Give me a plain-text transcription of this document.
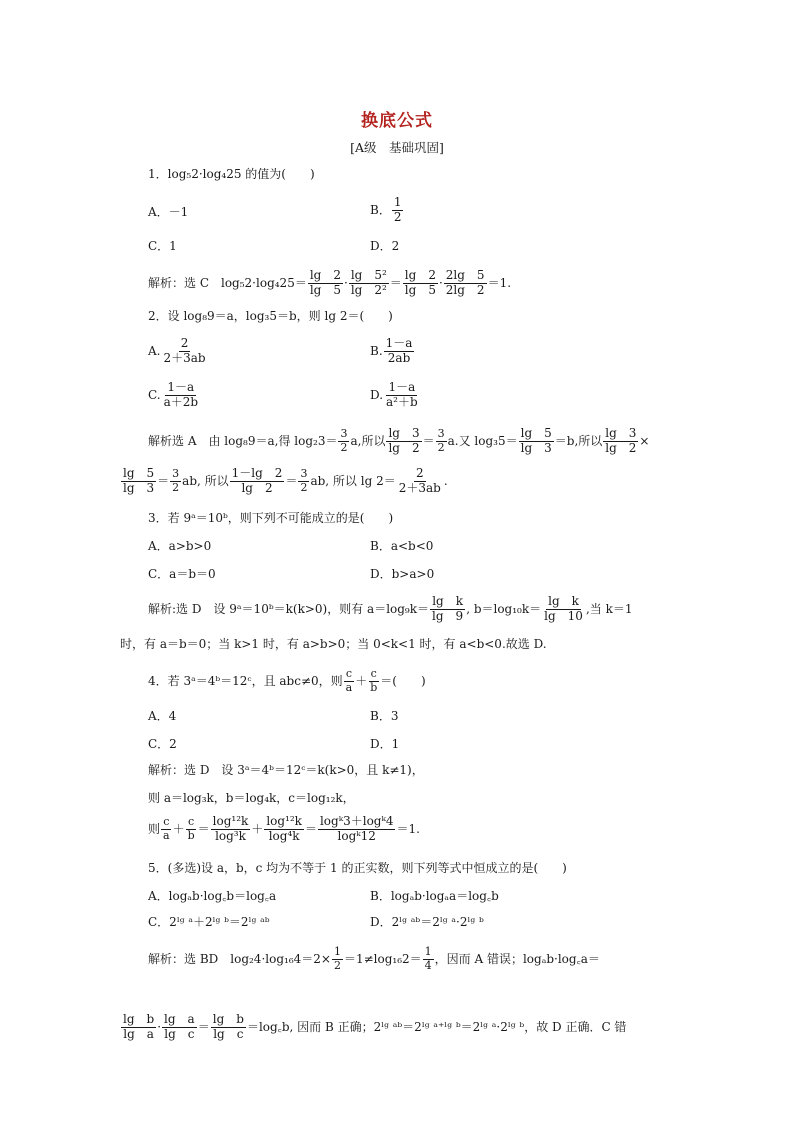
换底公式
[A级　基础巩固]
1．log₅2·log₄25 的值为(　　)
A．－1	B． $\frac{1}{2}$
C．1	D．2
解析：选 C　$\log_52\cdot\log_425= \frac{\lg 2}{\lg 5} \cdot \frac{\text{lg　5²}}{\text{lg　2²}} = \frac{\lg 2}{\lg 5} \cdot \frac{2\lg 5}{2\lg 2} =1$.
2．设 log₈9＝a，log₃5＝b，则 lg 2＝(　　)
A. $\frac{2}{2+3ab}$	B. $\frac{1-a}{2ab}$
C. $\frac{1-a}{a+2b}$	D. $\frac{1-a}{\text{a²＋b}}$
解析选 A　由 log₈9＝a,得 $\log_23= \frac{3}{2} a$,所以 $\frac{\lg 3}{\lg 2} = \frac{3}{2} a$.又 $\log_35= \frac{\lg 5}{\lg 3} =b$,所以 $\frac{\lg 3}{\lg 2}$ ×
$\frac{\lg 5}{\lg 3} = \frac{3}{2}$ ab, 所以 $\frac{1-\lg 2}{\lg 2} = \frac{3}{2}$ ab, 所以 $\lg 2= \frac{2}{2+3ab}$ .
3．若 9ᵃ＝10ᵇ，则下列不可能成立的是(　　)
A．a>b>0	B．a<b<0
C．a＝b＝0	D．b>a>0
解析:选 D　设 9ᵃ＝10ᵇ＝k(k>0)，则有 $a=\log_9k= \frac{\text{lg　k}}{\lg 9}$ , $b=\log_{10}k= \frac{\text{lg　k}}{\lg 10}$ ,当 k＝1
时，有 a＝b＝0；当 k>1 时，有 a>b>0；当 0<k<1 时，有 a<b<0.故选 D.
4．若 3ᵃ＝4ᵇ＝12ᶜ，且 abc≠0，则 $\frac{c}{a} + \frac{c}{b}$ ＝(　　)
A．4	B．3
C．2	D．1
解析：选 D　设 3ᵃ＝4ᵇ＝12ᶜ＝k(k>0，且 k≠1)，
则 a＝log₃k，b＝log₄k，c＝log₁₂k，
则 $\frac{c}{a} + \frac{c}{b} = \frac{\text{log¹²k}}{\text{log³k}} + \frac{\text{log¹²k}}{\text{log⁴k}} = \frac{\text{logᵏ3＋logᵏ4}}{\text{logᵏ12}} =1$.
5．(多选)设 a，b，c 均为不等于 1 的正实数，则下列等式中恒成立的是(　　)
A．logₐb·log꜀b＝log꜀a	B．logₐb·logₐa＝log꜀b
C．2ˡᵍ ᵃ＋2ˡᵍ ᵇ＝2ˡᵍ ᵃᵇ	D．2ˡᵍ ᵃᵇ＝2ˡᵍ ᵃ·2ˡᵍ ᵇ
解析：选 BD　$\log_24\cdot\log_{16}4=2\times \frac{1}{2} =1\ne\log_{16}2= \frac{1}{4}$ ，因而 A 错误；logₐb·log꜀a＝
$\frac{\text{lg　b}}{\text{lg　a}} \cdot \frac{\text{lg　a}}{\text{lg　c}} = \frac{\text{lg　b}}{\text{lg　c}}$ ＝log꜀b, 因而 B 正确；2ˡᵍ ᵃᵇ＝2ˡᵍ ᵃ⁺ˡᵍ ᵇ＝2ˡᵍ ᵃ·2ˡᵍ ᵇ，故 D 正确．C 错
